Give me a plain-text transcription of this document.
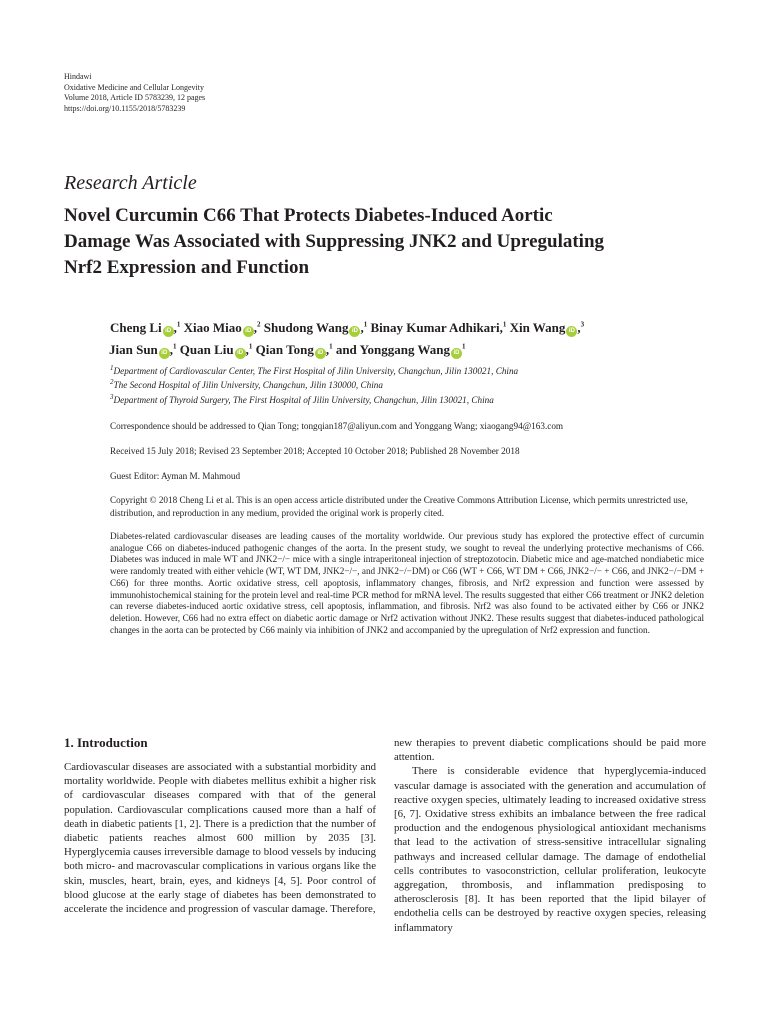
Hindawi
Oxidative Medicine and Cellular Longevity
Volume 2018, Article ID 5783239, 12 pages
https://doi.org/10.1155/2018/5783239
Research Article
Novel Curcumin C66 That Protects Diabetes-Induced Aortic
Damage Was Associated with Suppressing JNK2 and Upregulating
Nrf2 Expression and Function
Cheng Li iD ,$^1$ Xiao Miao iD ,$^2$ Shudong Wang iD ,$^1$ Binay Kumar Adhikari,$^1$ Xin Wang iD ,$^3$
Jian Sun iD ,$^1$ Quan Liu iD ,$^1$ Qian Tong iD ,$^1$ and Yonggang Wang $iD^1$
$^1$Department of Cardiovascular Center, The First Hospital of Jilin University, Changchun, Jilin 130021, China
$^2$The Second Hospital of Jilin University, Changchun, Jilin 130000, China
$^3$Department of Thyroid Surgery, The First Hospital of Jilin University, Changchun, Jilin 130021, China
Correspondence should be addressed to Qian Tong; tongqian187@aliyun.com and Yonggang Wang; xiaogang94@163.com
Received 15 July 2018; Revised 23 September 2018; Accepted 10 October 2018; Published 28 November 2018
Guest Editor: Ayman M. Mahmoud
Copyright © 2018 Cheng Li et al. This is an open access article distributed under the Creative Commons Attribution License, which permits unrestricted use, distribution, and reproduction in any medium, provided the original work is properly cited.
Diabetes-related cardiovascular diseases are leading causes of the mortality worldwide. Our previous study has explored the protective effect of curcumin analogue C66 on diabetes-induced pathogenic changes of the aorta. In the present study, we sought to reveal the underlying protective mechanisms of C66. Diabetes was induced in male WT and JNK2−/− mice with a single intraperitoneal injection of streptozotocin. Diabetic mice and age-matched nondiabetic mice were randomly treated with either vehicle (WT, WT DM, JNK2−/−, and JNK2−/−DM) or C66 (WT + C66, WT DM + C66, JNK2−/− + C66, and JNK2−/−DM + C66) for three months. Aortic oxidative stress, cell apoptosis, inflammatory changes, fibrosis, and Nrf2 expression and function were assessed by immunohistochemical staining for the protein level and real-time PCR method for mRNA level. The results suggested that either C66 treatment or JNK2 deletion can reverse diabetes-induced aortic oxidative stress, cell apoptosis, inflammation, and fibrosis. Nrf2 was also found to be activated either by C66 or JNK2 deletion. However, C66 had no extra effect on diabetic aortic damage or Nrf2 activation without JNK2. These results suggest that diabetes-induced pathological changes in the aorta can be protected by C66 mainly via inhibition of JNK2 and accompanied by the upregulation of Nrf2 expression and function.
1. Introduction

Cardiovascular diseases are associated with a substantial morbidity and mortality worldwide. People with diabetes mellitus exhibit a higher risk of cardiovascular diseases compared with that of the general population. Cardiovascular complications caused more than a half of death in diabetic patients [1, 2]. There is a prediction that the number of diabetic patients reaches almost 600 million by 2035 [3]. Hyperglycemia causes irreversible damage to blood vessels by inducing both micro- and macrovascular complications in various organs like the skin, muscles, heart, brain, eyes, and kidneys [4, 5]. Poor control of blood glucose at the early stage of diabetes has been demonstrated to accelerate the incidence and progression of vascular damage. Therefore,

new therapies to prevent diabetic complications should be paid more attention.

There is considerable evidence that hyperglycemia-induced vascular damage is associated with the generation and accumulation of reactive oxygen species, ultimately leading to increased oxidative stress [6, 7]. Oxidative stress exhibits an imbalance between the free radical production and the endogenous physiological antioxidant mechanisms that lead to the activation of stress-sensitive intracellular signaling pathways and increased cellular damage. The damage of endothelial cells contributes to vasoconstriction, cellular proliferation, leukocyte aggregation, thrombosis, and inflammation predisposing to atherosclerosis [8]. It has been reported that the lipid bilayer of endothelia cells can be destroyed by reactive oxygen species, releasing inflammatory
